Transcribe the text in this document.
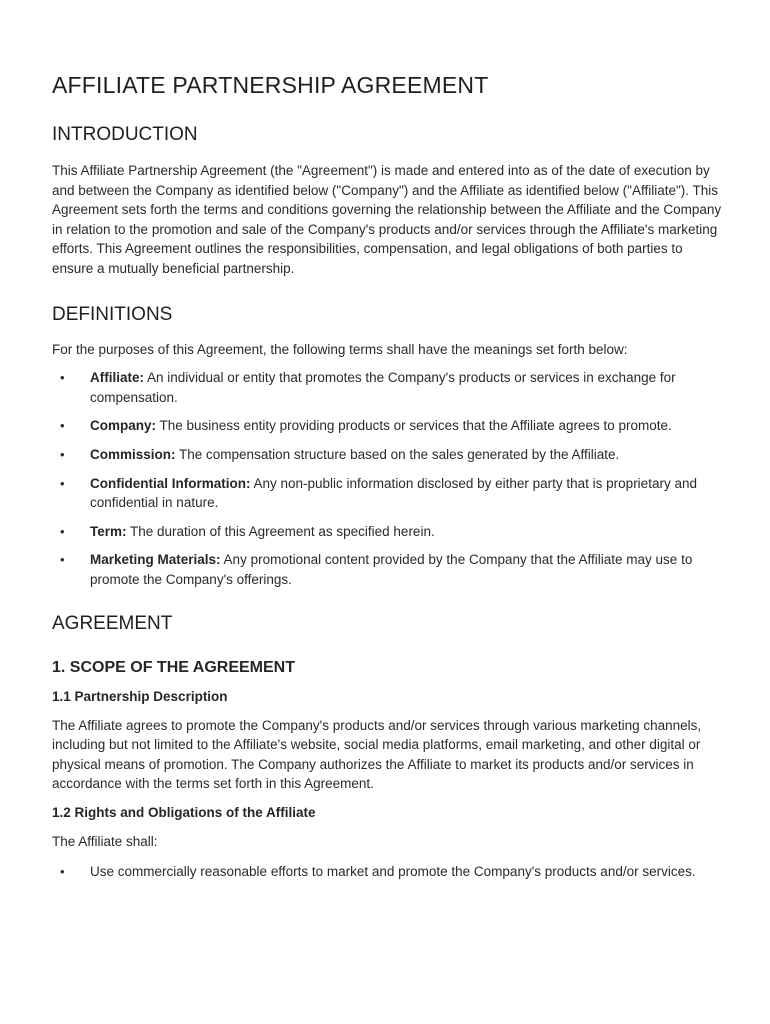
AFFILIATE PARTNERSHIP AGREEMENT
INTRODUCTION

This Affiliate Partnership Agreement (the "Agreement") is made and entered into as of the date of execution by and between the Company as identified below ("Company") and the Affiliate as identified below ("Affiliate"). This Agreement sets forth the terms and conditions governing the relationship between the Affiliate and the Company in relation to the promotion and sale of the Company's products and/or services through the Affiliate's marketing efforts. This Agreement outlines the responsibilities, compensation, and legal obligations of both parties to ensure a mutually beneficial partnership.

DEFINITIONS

For the purposes of this Agreement, the following terms shall have the meanings set forth below:

• Affiliate: An individual or entity that promotes the Company's products or services in exchange for compensation.
• Company: The business entity providing products or services that the Affiliate agrees to promote.
• Commission: The compensation structure based on the sales generated by the Affiliate.
• Confidential Information: Any non-public information disclosed by either party that is proprietary and confidential in nature.
• Term: The duration of this Agreement as specified herein.
• Marketing Materials: Any promotional content provided by the Company that the Affiliate may use to promote the Company's offerings.
AGREEMENT
1. SCOPE OF THE AGREEMENT
1.1 Partnership Description

The Affiliate agrees to promote the Company's products and/or services through various marketing channels, including but not limited to the Affiliate's website, social media platforms, email marketing, and other digital or physical means of promotion. The Company authorizes the Affiliate to market its products and/or services in accordance with the terms set forth in this Agreement.

1.2 Rights and Obligations of the Affiliate

The Affiliate shall:

• Use commercially reasonable efforts to market and promote the Company's products and/or services.
